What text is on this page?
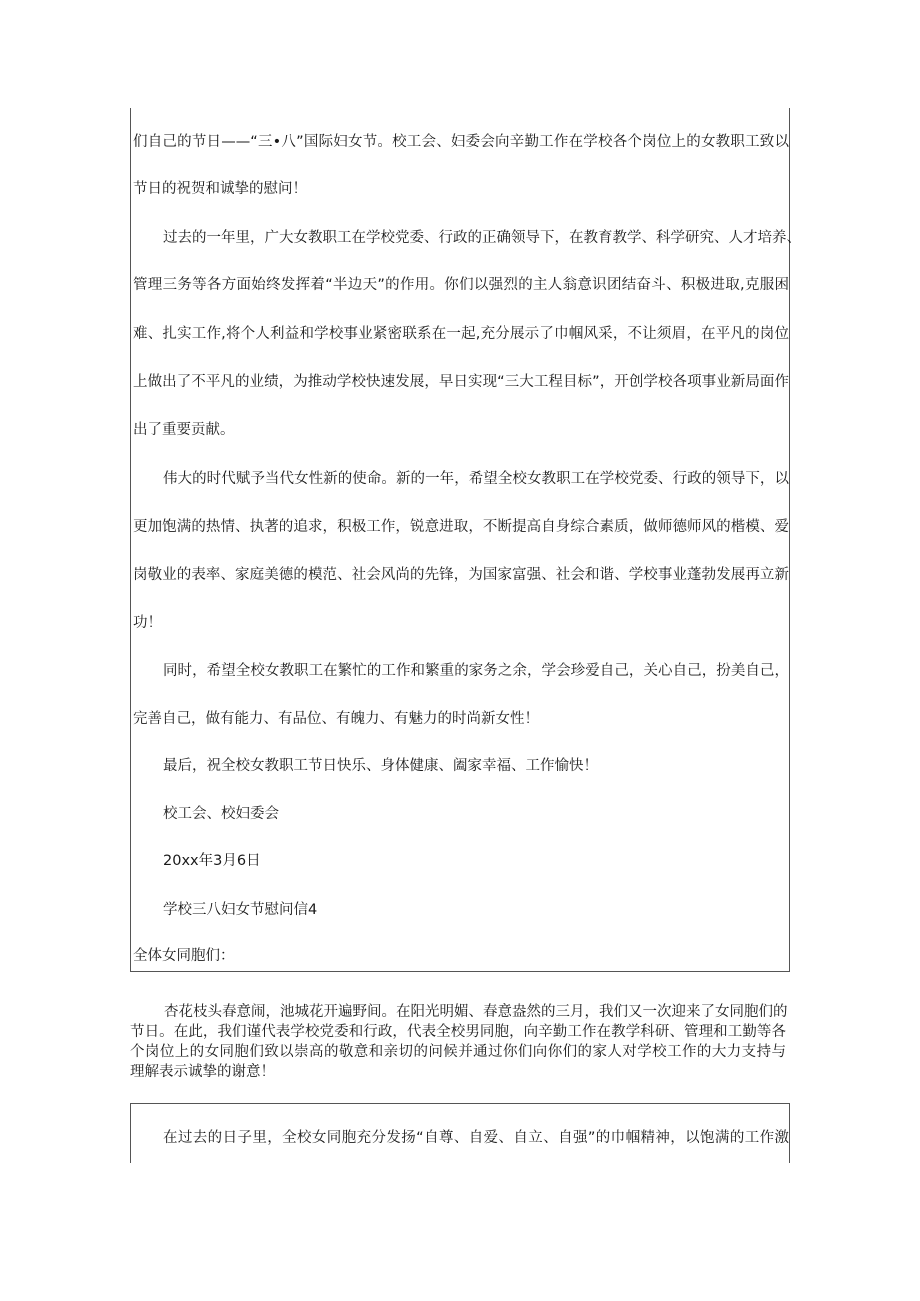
们自己的节日——“三•八”国际妇女节。校工会、妇委会向辛勤工作在学校各个岗位上的女教职工致以
节日的祝贺和诚挚的慰问！
过去的一年里，广大女教职工在学校党委、行政的正确领导下，在教育教学、科学研究、人才培养、
管理三务等各方面始终发挥着“半边天”的作用。你们以强烈的主人翁意识团结奋斗、积极进取,克服困
难、扎实工作,将个人利益和学校事业紧密联系在一起,充分展示了巾帼风采，不让须眉，在平凡的岗位
上做出了不平凡的业绩，为推动学校快速发展，早日实现“三大工程目标”，开创学校各项事业新局面作
出了重要贡献。
伟大的时代赋予当代女性新的使命。新的一年，希望全校女教职工在学校党委、行政的领导下，以
更加饱满的热情、执著的追求，积极工作，锐意进取，不断提高自身综合素质，做师德师风的楷模、爱
岗敬业的表率、家庭美德的模范、社会风尚的先锋，为国家富强、社会和谐、学校事业蓬勃发展再立新
功！
同时，希望全校女教职工在繁忙的工作和繁重的家务之余，学会珍爱自己，关心自己，扮美自己，
完善自己，做有能力、有品位、有魄力、有魅力的时尚新女性！
最后，祝全校女教职工节日快乐、身体健康、阖家幸福、工作愉快！
校工会、校妇委会
20xx年3月6日
学校三八妇女节慰问信4
全体女同胞们：
杏花枝头春意闹，池城花开遍野间。在阳光明媚、春意盎然的三月，我们又一次迎来了女同胞们的
节日。在此，我们谨代表学校党委和行政，代表全校男同胞，向辛勤工作在教学科研、管理和工勤等各
个岗位上的女同胞们致以崇高的敬意和亲切的问候并通过你们向你们的家人对学校工作的大力支持与
理解表示诚挚的谢意！
在过去的日子里，全校女同胞充分发扬“自尊、自爱、自立、自强”的巾帼精神，以饱满的工作激
